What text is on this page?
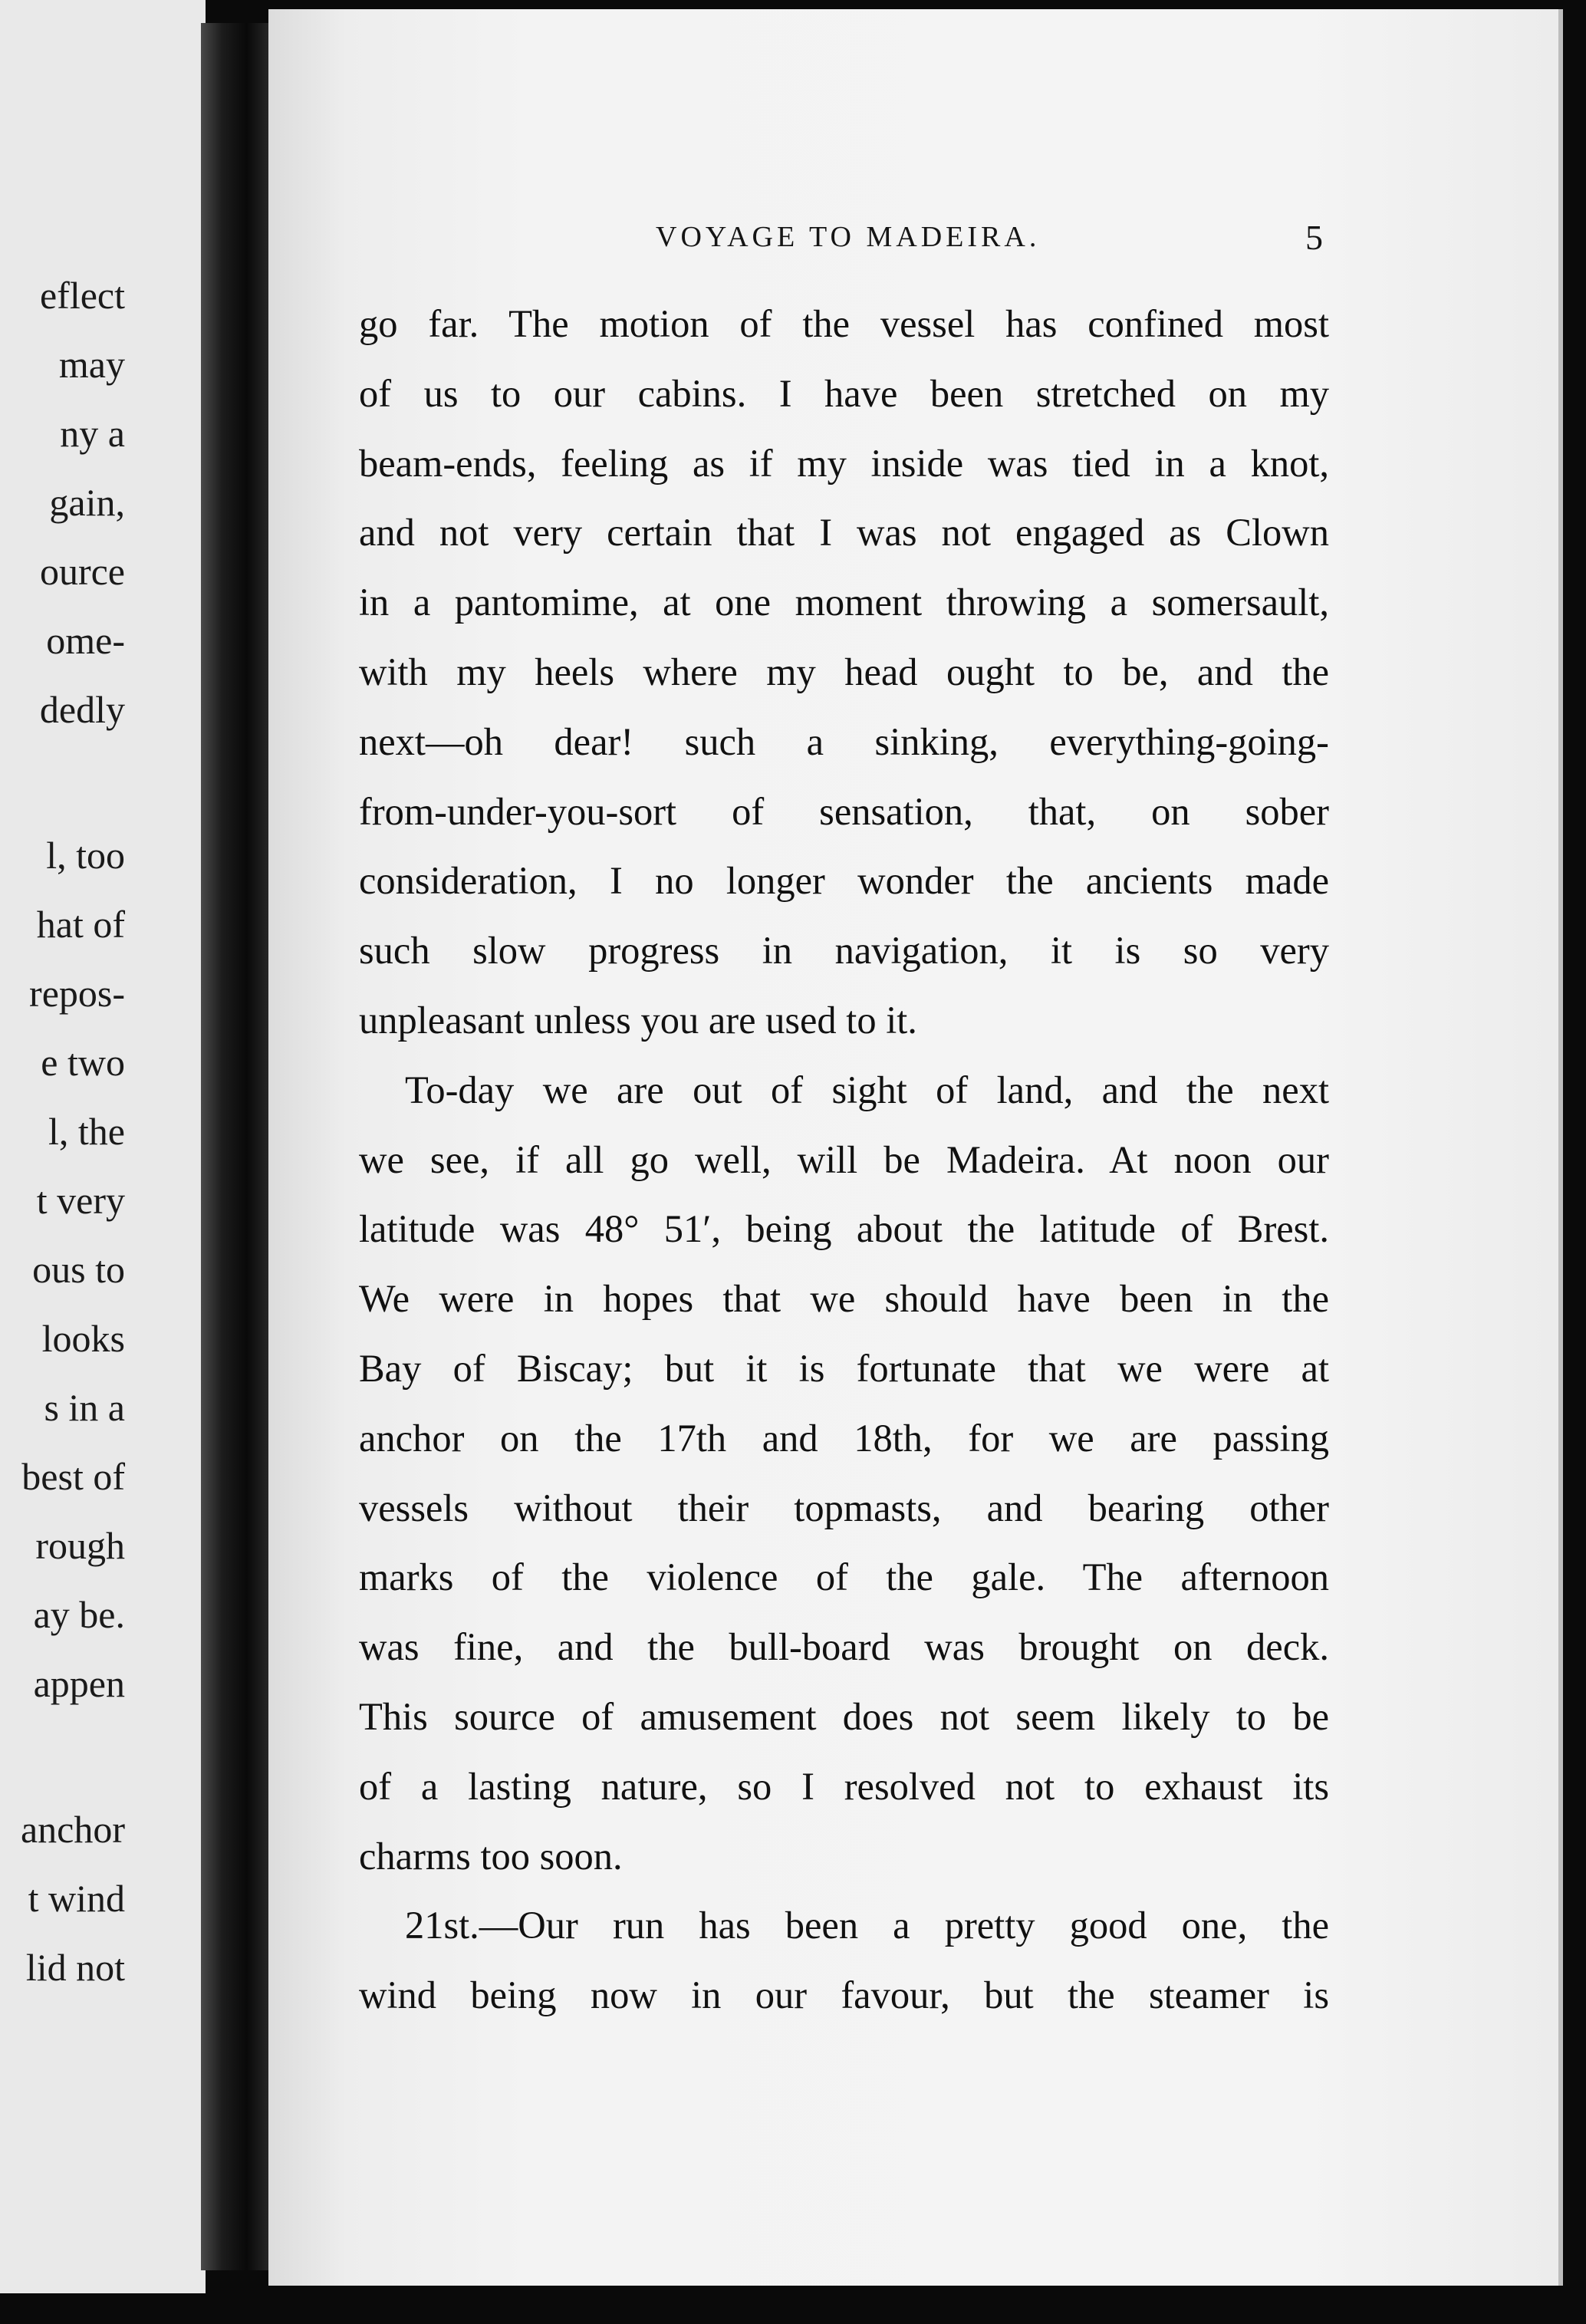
eflect
may
ny a
gain,
ource
ome-
dedly
l, too
hat of
repos-
e two
l, the
t very
ous to
looks
s in a
best of
rough
ay be.
appen
anchor
t wind
lid not
VOYAGE TO MADEIRA.	5
go far. The motion of the vessel has confined most
of us to our cabins. I have been stretched on my
beam-ends, feeling as if my inside was tied in a knot,
and not very certain that I was not engaged as Clown
in a pantomime, at one moment throwing a somersault,
with my heels where my head ought to be, and the
next—oh dear! such a sinking, everything-going-
from-under-you-sort of sensation, that, on sober
consideration, I no longer wonder the ancients made
such slow progress in navigation, it is so very
unpleasant unless you are used to it.
To-day we are out of sight of land, and the next
we see, if all go well, will be Madeira. At noon our
latitude was 48° 51′, being about the latitude of Brest.
We were in hopes that we should have been in the
Bay of Biscay; but it is fortunate that we were at
anchor on the 17th and 18th, for we are passing
vessels without their topmasts, and bearing other
marks of the violence of the gale. The afternoon
was fine, and the bull-board was brought on deck.
This source of amusement does not seem likely to be
of a lasting nature, so I resolved not to exhaust its
charms too soon.
21st.—Our run has been a pretty good one, the
wind being now in our favour, but the steamer is
